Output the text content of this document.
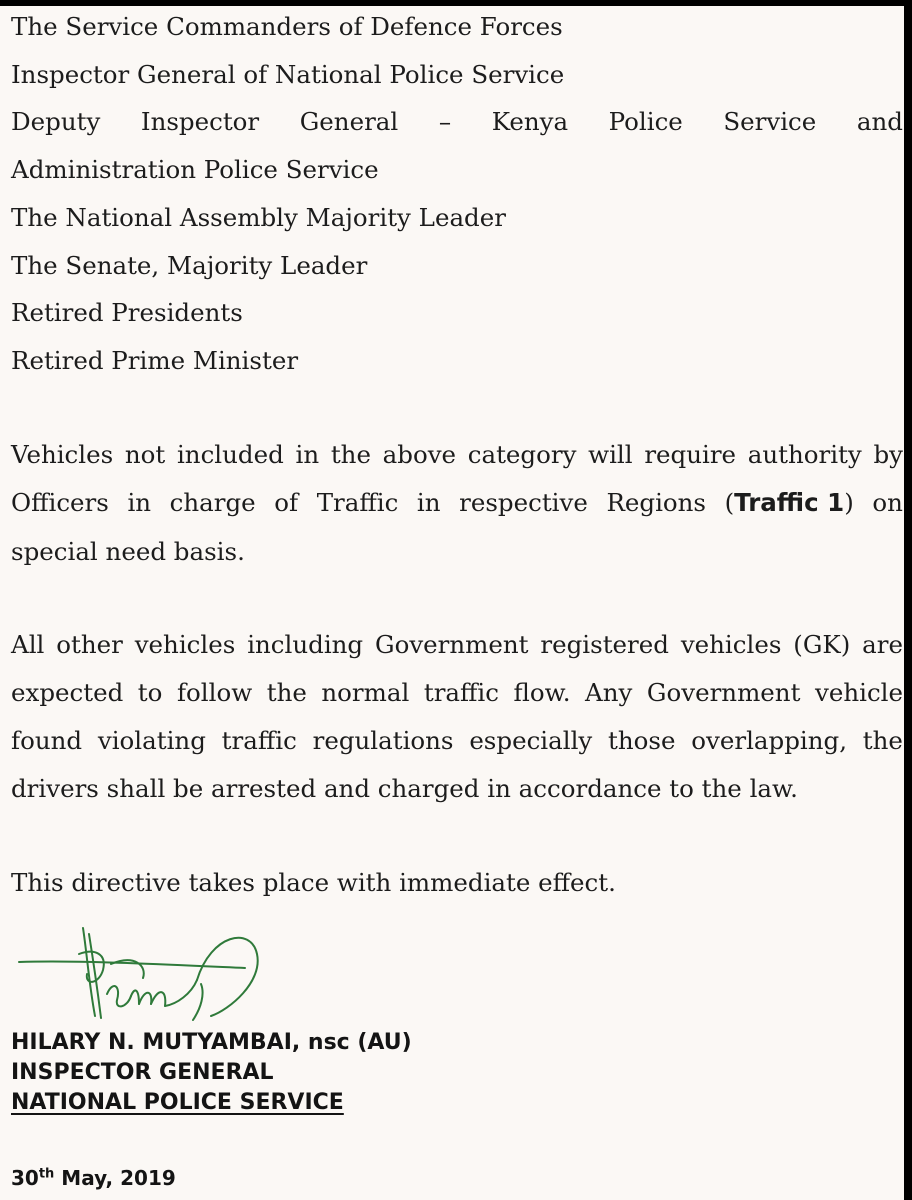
The Service Commanders of Defence Forces
Inspector General of National Police Service
Deputy Inspector General – Kenya Police Service and
Administration Police Service
The National Assembly Majority Leader
The Senate, Majority Leader
Retired Presidents
Retired Prime Minister
Vehicles not included in the above category will require authority by
Officers in charge of Traffic in respective Regions (Traffic 1) on
special need basis.
All other vehicles including Government registered vehicles (GK) are
expected to follow the normal traffic flow. Any Government vehicle
found violating traffic regulations especially those overlapping, the
drivers shall be arrested and charged in accordance to the law.
This directive takes place with immediate effect.
HILARY N. MUTYAMBAI, nsc (AU)
INSPECTOR GENERAL
NATIONAL POLICE SERVICE
30th May, 2019
